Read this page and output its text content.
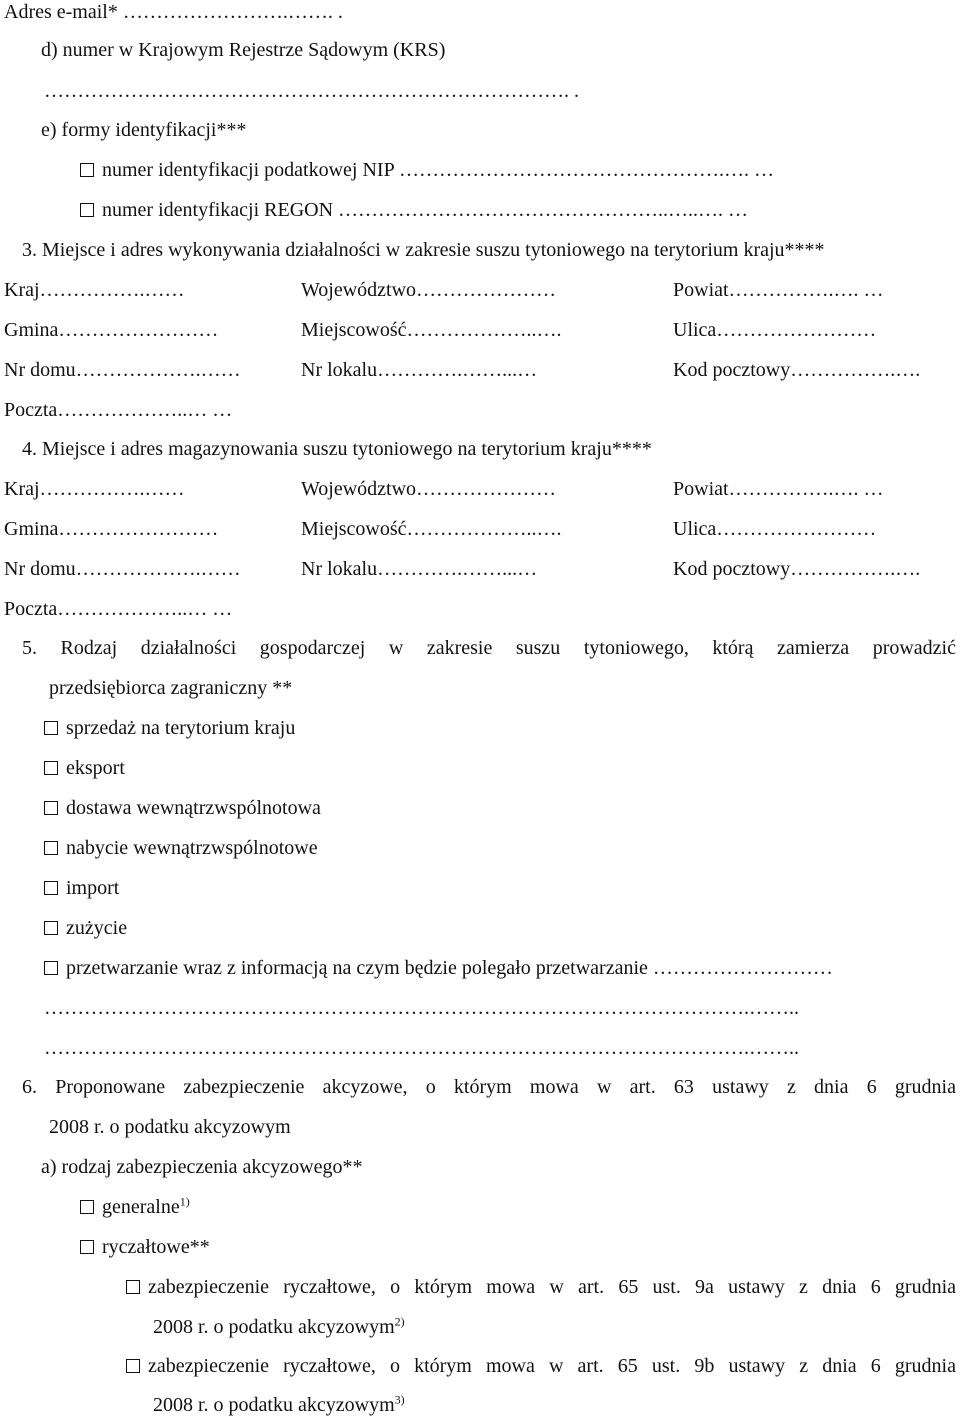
Adres e-mail* …………………….……. .
d) numer w Krajowym Rejestrze Sądowym (KRS)
……………………………………………………………………. .
e) formy identyfikacji***
numer identyfikacji podatkowej NIP ………………………………………….…. …
numer identyfikacji REGON …………………………………………..…..…. …
3. Miejsce i adres wykonywania działalności w zakresie suszu tytoniowego na terytorium kraju****
Kraj…………….……	Województwo…………………	Powiat…………….…. …
Gmina……………………	Miejscowość………………..….	Ulica……………………
Nr domu……………….……	Nr lokalu………….……...…	Kod pocztowy…………….….
Poczta………………..… …
4. Miejsce i adres magazynowania suszu tytoniowego na terytorium kraju****
Kraj…………….……	Województwo…………………	Powiat…………….…. …
Gmina……………………	Miejscowość………………..….	Ulica……………………
Nr domu……………….……	Nr lokalu………….……...…	Kod pocztowy…………….….
Poczta………………..… …
5. Rodzaj działalności gospodarczej w zakresie suszu tytoniowego, którą zamierza prowadzić
przedsiębiorca zagraniczny **
sprzedaż na terytorium kraju
eksport
dostawa wewnątrzwspólnotowa
nabycie wewnątrzwspólnotowe
import
zużycie
przetwarzanie wraz z informacją na czym będzie polegało przetwarzanie ………………………
…………………………………………………………………………………………….……..
…………………………………………………………………………………………….……..
6. Proponowane zabezpieczenie akcyzowe, o którym mowa w art. 63 ustawy z dnia 6 grudnia
2008 r. o podatku akcyzowym
a) rodzaj zabezpieczenia akcyzowego**
generalne$^{1)}$
ryczałtowe**
zabezpieczenie ryczałtowe, o którym mowa w art. 65 ust. 9a ustawy z dnia 6 grudnia
2008 r. o podatku akcyzowym$^{2)}$
zabezpieczenie ryczałtowe, o którym mowa w art. 65 ust. 9b ustawy z dnia 6 grudnia
2008 r. o podatku akcyzowym$^{3)}$
